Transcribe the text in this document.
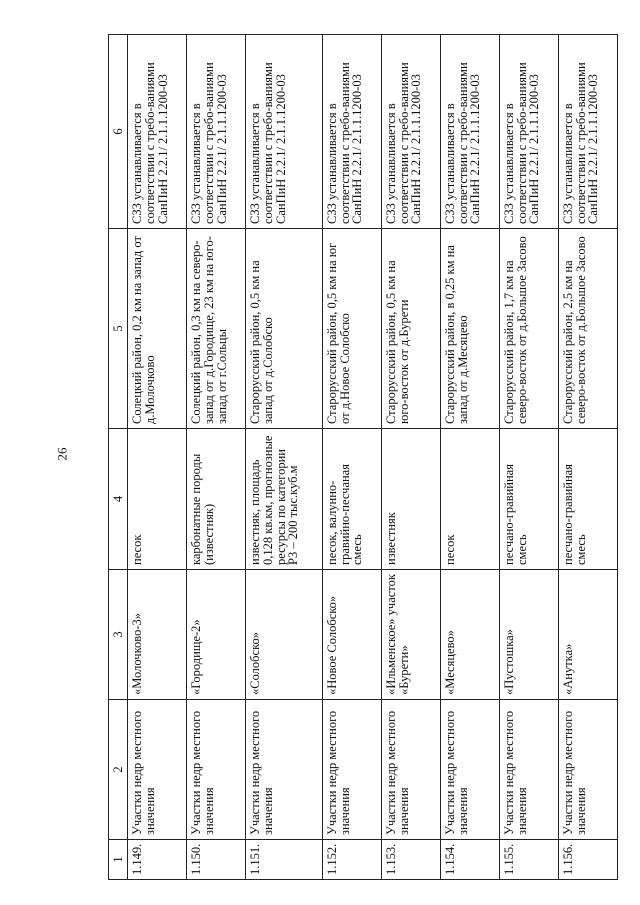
26
1	2	3	4	5	6
1.149.	Участки недр местного значения	«Молочково-3»	песок	Солецкий район, 0,2 км на запад от д.Молочково	СЗЗ устанавливается в соответствии с требо-ваниями СанПиН 2.2.1/ 2.1.1.1200-03
1.150.	Участки недр местного значения	«Городище-2»	карбонатные породы (известняк)	Солецкий район, 0,3 км на северо-запад от д.Городище, 23 км на юго-запад от г.Сольцы	СЗЗ устанавливается в соответствии с требо-ваниями СанПиН 2.2.1/ 2.1.1.1200-03
1.151.	Участки недр местного значения	«Солобско»	известняк, площадь 0,128 кв.км, прогнозные ресурсы по категории Р3 – 200 тыс.куб.м	Старорусский район, 0,5 км на запад от д.Солобско	СЗЗ устанавливается в соответствии с требо-ваниями СанПиН 2.2.1/ 2.1.1.1200-03
1.152.	Участки недр местного значения	«Новое Солобско»	песок, валунно-гравийно-песчаная смесь	Старорусский район, 0,5 км на юг от д.Новое Солобско	СЗЗ устанавливается в соответствии с требо-ваниями СанПиН 2.2.1/ 2.1.1.1200-03
1.153.	Участки недр местного значения	«Ильменское» участок «Бурети»	известняк	Старорусский район, 0,5 км на юго-восток от д.Бурети	СЗЗ устанавливается в соответствии с требо-ваниями СанПиН 2.2.1/ 2.1.1.1200-03
1.154.	Участки недр местного значения	«Месяцево»	песок	Старорусский район, в 0,25 км на запад от д.Месяцево	СЗЗ устанавливается в соответствии с требо-ваниями СанПиН 2.2.1/ 2.1.1.1200-03
1.155.	Участки недр местного значения	«Пустошка»	песчано-гравийная смесь	Старорусский район, 1,7 км на северо-восток от д.Большое Засово	СЗЗ устанавливается в соответствии с требо-ваниями СанПиН 2.2.1/ 2.1.1.1200-03
1.156.	Участки недр местного значения	«Анутка»	песчано-гравийная смесь	Старорусский район, 2,5 км на северо-восток от д.Большое Засово	СЗЗ устанавливается в соответствии с требо-ваниями СанПиН 2.2.1/ 2.1.1.1200-03
